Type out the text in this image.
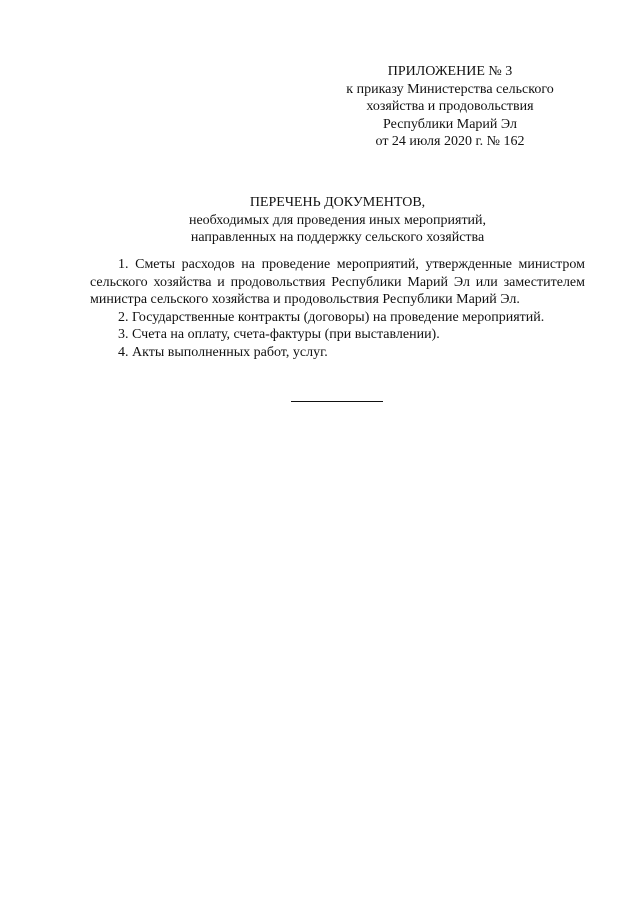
ПРИЛОЖЕНИЕ № 3
к приказу Министерства сельского
хозяйства и продовольствия
Республики Марий Эл
от 24 июля 2020 г. № 162
ПЕРЕЧЕНЬ ДОКУМЕНТОВ,
необходимых для проведения иных мероприятий,
направленных на поддержку сельского хозяйства

1. Сметы расходов на проведение мероприятий, утвержденные министром сельского хозяйства и продовольствия Республики Марий Эл или заместителем министра сельского хозяйства и продовольствия Республики Марий Эл.

2. Государственные контракты (договоры) на проведение мероприятий.

3. Счета на оплату, счета-фактуры (при выставлении).

4. Акты выполненных работ, услуг.
